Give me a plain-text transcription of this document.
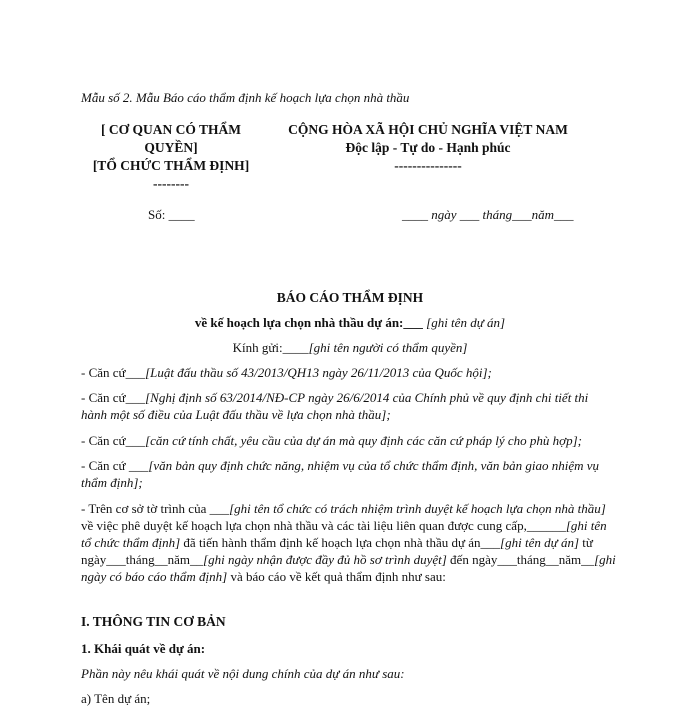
Mẫu số 2. Mẫu Báo cáo thẩm định kế hoạch lựa chọn nhà thầu

[ CƠ QUAN CÓ THẨM

QUYỀN]

[TỔ CHỨC THẨM ĐỊNH]

--------

Số: ____

CỘNG HÒA XÃ HỘI CHỦ NGHĨA VIỆT NAM

Độc lập - Tự do - Hạnh phúc

---------------

____ ngày ___ tháng___năm___

BÁO CÁO THẨM ĐỊNH

về kế hoạch lựa chọn nhà thầu dự án:___ [ghi tên dự án]

Kính gửi:____[ghi tên người có thẩm quyền]

- Căn cứ___[Luật đấu thầu số 43/2013/QH13 ngày 26/11/2013 của Quốc hội];

- Căn cứ___[Nghị định số 63/2014/NĐ-CP ngày 26/6/2014 của Chính phủ về quy định chi tiết thi hành một số điều của Luật đấu thầu về lựa chọn nhà thầu];

- Căn cứ___[căn cứ tính chất, yêu cầu của dự án mà quy định các căn cứ pháp lý cho phù hợp];

- Căn cứ ___[văn bản quy định chức năng, nhiệm vụ của tổ chức thẩm định, văn bản giao nhiệm vụ thẩm định];

- Trên cơ sở tờ trình của ___[ghi tên tổ chức có trách nhiệm trình duyệt kế hoạch lựa chọn nhà thầu] về việc phê duyệt kế hoạch lựa chọn nhà thầu và các tài liệu liên quan được cung cấp,______[ghi tên tổ chức thẩm định] đã tiến hành thẩm định kế hoạch lựa chọn nhà thầu dự án___[ghi tên dự án] từ ngày___tháng__năm__[ghi ngày nhận được đầy đủ hồ sơ trình duyệt] đến ngày___tháng__năm__[ghi ngày có báo cáo thẩm định] và báo cáo về kết quả thẩm định như sau:

I. THÔNG TIN CƠ BẢN

1. Khái quát về dự án:

Phần này nêu khái quát về nội dung chính của dự án như sau:

a) Tên dự án;
